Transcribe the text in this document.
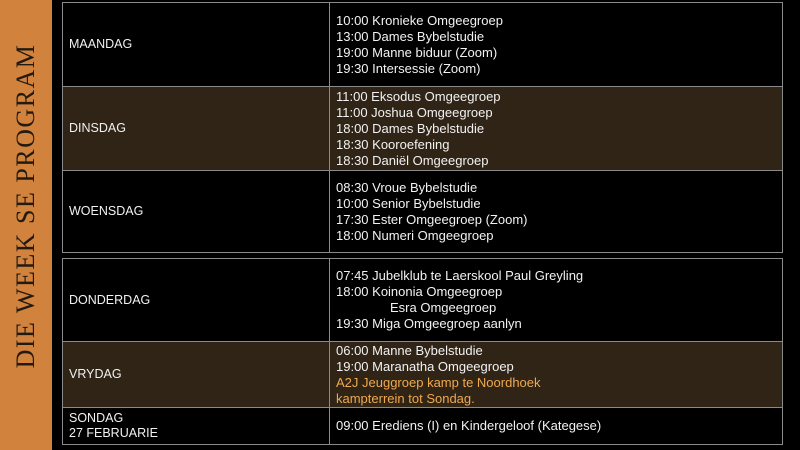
DIE WEEK SE PROGRAM MAANDAG	10:00 Kronieke Omgeegroep
13:00 Dames Bybelstudie
19:00 Manne biduur (Zoom)
19:30 Intersessie (Zoom)

DINSDAG	11:00 Eksodus Omgeegroep
11:00 Joshua Omgeegroep
18:00 Dames Bybelstudie
18:30 Kooroefening
18:30 Daniël Omgeegroep

WOENSDAG	08:30 Vroue Bybelstudie
10:00 Senior Bybelstudie
17:30 Ester Omgeegroep (Zoom)
18:00 Numeri Omgeegroep
DONDERDAG	07:45 Jubelklub te Laerskool Paul Greyling
18:00 Koinonia Omgeegroep
Esra Omgeegroep
19:30 Miga Omgeegroep aanlyn

VRYDAG	06:00 Manne Bybelstudie
19:00 Maranatha Omgeegroep
A2J Jeuggroep kamp te Noordhoek
kampterrein tot Sondag.

SONDAG
27 FEBRUARIE	09:00 Erediens (I) en Kindergeloof (Kategese)
